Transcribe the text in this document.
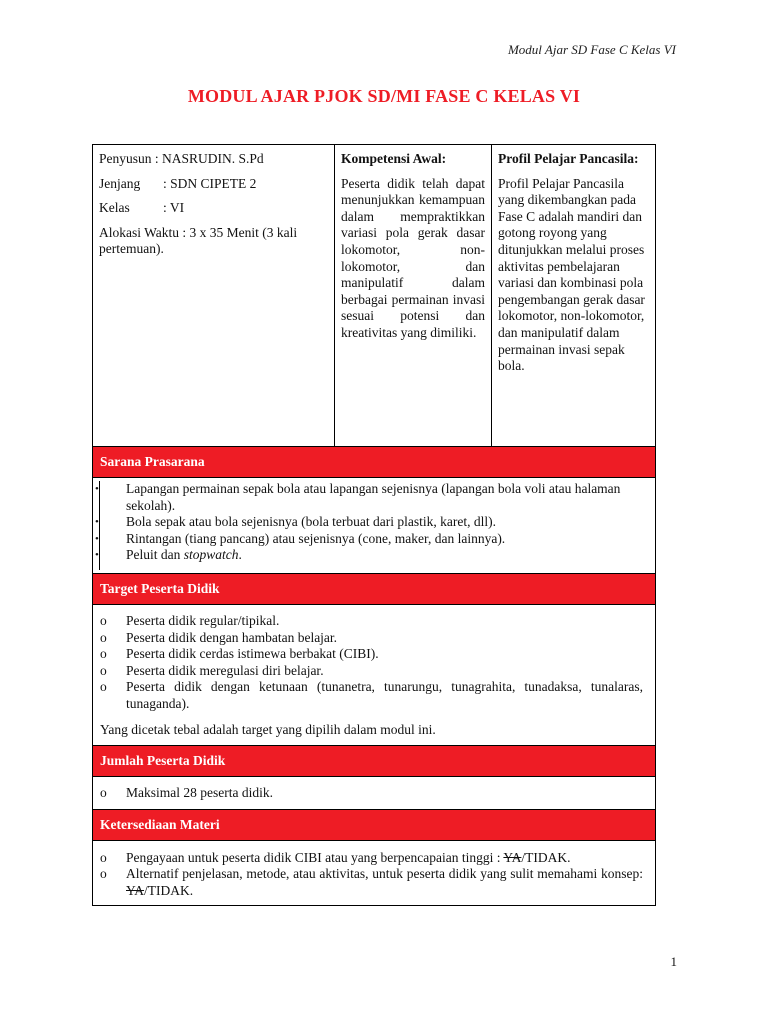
Modul Ajar SD Fase C Kelas VI
MODUL AJAR PJOK SD/MI FASE C KELAS VI

Penyusun : NASRUDIN. S.Pd

Jenjang : SDN CIPETE 2

Kelas : VI

Alokasi Waktu : 3 x 35 Menit (3 kali pertemuan).

Kompetensi Awal:
Peserta didik telah dapat menunjukkan kemampuan dalam mempraktikkan variasi pola gerak dasar lokomotor, non-lokomotor, dan manipulatif dalam berbagai permainan invasi sesuai potensi dan kreativitas yang dimiliki.
Profil Pelajar Pancasila:
Profil Pelajar Pancasila yang dikembangkan pada Fase C adalah mandiri dan gotong royong yang ditunjukkan melalui proses aktivitas pembelajaran variasi dan kombinasi pola pengembangan gerak dasar lokomotor, non-lokomotor, dan manipulatif dalam permainan invasi sepak bola.
Sarana Prasarana
•	Lapangan permainan sepak bola atau lapangan sejenisnya (lapangan bola voli atau halaman sekolah).
•	Bola sepak atau bola sejenisnya (bola terbuat dari plastik, karet, dll).
•	Rintangan (tiang pancang) atau sejenisnya (cone, maker, dan lainnya).
•	Peluit dan stopwatch.
Target Peserta Didik
o	Peserta didik regular/tipikal.
o	Peserta didik dengan hambatan belajar.
o	Peserta didik cerdas istimewa berbakat (CIBI).
o	Peserta didik meregulasi diri belajar.
o	Peserta didik dengan ketunaan (tunanetra, tunarungu, tunagrahita, tunadaksa, tunalaras, tunaganda).

Yang dicetak tebal adalah target yang dipilih dalam modul ini.

Jumlah Peserta Didik
o	Maksimal 28 peserta didik.
Ketersediaan Materi
o	Pengayaan untuk peserta didik CIBI atau yang berpencapaian tinggi : YA/TIDAK.
o	Alternatif penjelasan, metode, atau aktivitas, untuk peserta didik yang sulit memahami konsep: YA/TIDAK.
1
